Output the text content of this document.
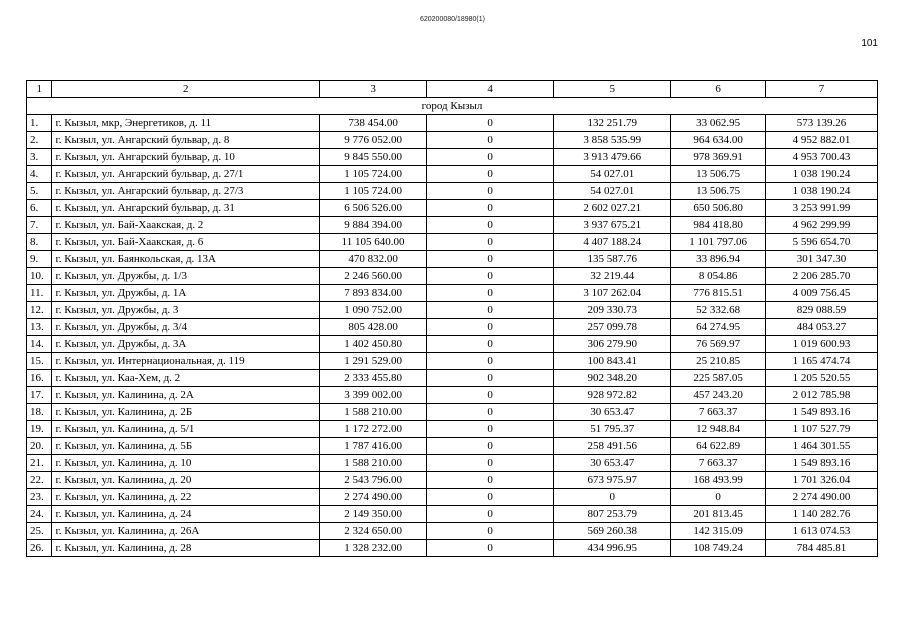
620200080/18980(1)
101
1	2	3	4	5	6	7
город Кызыл						
1.	г. Кызыл, мкр, Энергетиков, д. 11	738 454.00	0	132 251.79	33 062.95	573 139.26
2.	г. Кызыл, ул. Ангарский бульвар, д. 8	9 776 052.00	0	3 858 535.99	964 634.00	4 952 882.01
3.	г. Кызыл, ул. Ангарский бульвар, д. 10	9 845 550.00	0	3 913 479.66	978 369.91	4 953 700.43
4.	г. Кызыл, ул. Ангарский бульвар, д. 27/1	1 105 724.00	0	54 027.01	13 506.75	1 038 190.24
5.	г. Кызыл, ул. Ангарский бульвар, д. 27/3	1 105 724.00	0	54 027.01	13 506.75	1 038 190.24
6.	г. Кызыл, ул. Ангарский бульвар, д. 31	6 506 526.00	0	2 602 027.21	650 506.80	3 253 991.99
7.	г. Кызыл, ул. Бай-Хаакская, д. 2	9 884 394.00	0	3 937 675.21	984 418.80	4 962 299.99
8.	г. Кызыл, ул. Бай-Хаакская, д. 6	11 105 640.00	0	4 407 188.24	1 101 797.06	5 596 654.70
9.	г. Кызыл, ул. Баянкольская, д. 13А	470 832.00	0	135 587.76	33 896.94	301 347.30
10.	г. Кызыл, ул. Дружбы, д. 1/3	2 246 560.00	0	32 219.44	8 054.86	2 206 285.70
11.	г. Кызыл, ул. Дружбы, д. 1А	7 893 834.00	0	3 107 262.04	776 815.51	4 009 756.45
12.	г. Кызыл, ул. Дружбы, д. 3	1 090 752.00	0	209 330.73	52 332.68	829 088.59
13.	г. Кызыл, ул. Дружбы, д. 3/4	805 428.00	0	257 099.78	64 274.95	484 053.27
14.	г. Кызыл, ул. Дружбы, д. 3А	1 402 450.80	0	306 279.90	76 569.97	1 019 600.93
15.	г. Кызыл, ул. Интернациональная, д. 119	1 291 529.00	0	100 843.41	25 210.85	1 165 474.74
16.	г. Кызыл, ул. Каа-Хем, д. 2	2 333 455.80	0	902 348.20	225 587.05	1 205 520.55
17.	г. Кызыл, ул. Калинина, д. 2А	3 399 002.00	0	928 972.82	457 243.20	2 012 785.98
18.	г. Кызыл, ул. Калинина, д. 2Б	1 588 210.00	0	30 653.47	7 663.37	1 549 893.16
19.	г. Кызыл, ул. Калинина, д. 5/1	1 172 272.00	0	51 795.37	12 948.84	1 107 527.79
20.	г. Кызыл, ул. Калинина, д. 5Б	1 787 416.00	0	258 491.56	64 622.89	1 464 301.55
21.	г. Кызыл, ул. Калинина, д. 10	1 588 210.00	0	30 653.47	7 663.37	1 549 893.16
22.	г. Кызыл, ул. Калинина, д. 20	2 543 796.00	0	673 975.97	168 493.99	1 701 326.04
23.	г. Кызыл, ул. Калинина, д. 22	2 274 490.00	0	0	0	2 274 490.00
24.	г. Кызыл, ул. Калинина, д. 24	2 149 350.00	0	807 253.79	201 813.45	1 140 282.76
25.	г. Кызыл, ул. Калинина, д. 26А	2 324 650.00	0	569 260.38	142 315.09	1 613 074.53
26.	г. Кызыл, ул. Калинина, д. 28	1 328 232.00	0	434 996.95	108 749.24	784 485.81
